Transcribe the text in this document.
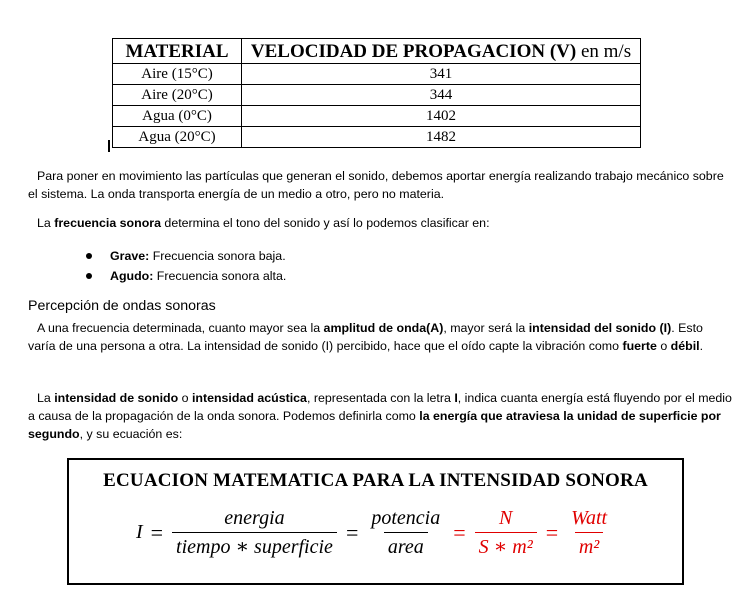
MATERIAL	VELOCIDAD DE PROPAGACION (V) en m/s
Aire (15°C)	341
Aire (20°C)	344
Agua (0°C)	1402
Agua (20°C)	1482

Para poner en movimiento las partículas que generan el sonido, debemos aportar energía realizando trabajo mecánico sobre el sistema. La onda transporta energía de un medio a otro, pero no materia.

La frecuencia sonora determina el tono del sonido y así lo podemos clasificar en:

Grave: Frecuencia sonora baja.
Agudo: Frecuencia sonora alta.
Percepción de ondas sonoras

A una frecuencia determinada, cuanto mayor sea la amplitud de onda(A), mayor será la intensidad del sonido (I). Esto varía de una persona a otra. La intensidad de sonido (I) percibido, hace que el oído capte la vibración como fuerte o débil.

La intensidad de sonido o intensidad acústica, representada con la letra I, indica cuanta energía está fluyendo por el medio a causa de la propagación de la onda sonora. Podemos definirla como la energía que atraviesa la unidad de superficie por segundo, y su ecuación es:

ECUACION MATEMATICA PARA LA INTENSIDAD SONORA
$I = \frac{\text{energia}}{\text{tiempo ∗ superficie}} = \frac{\text{potencia}}{\text{area}} = \frac{N}{\text{S ∗ m²}} = \frac{\text{Watt}}{\text{m²}}$
